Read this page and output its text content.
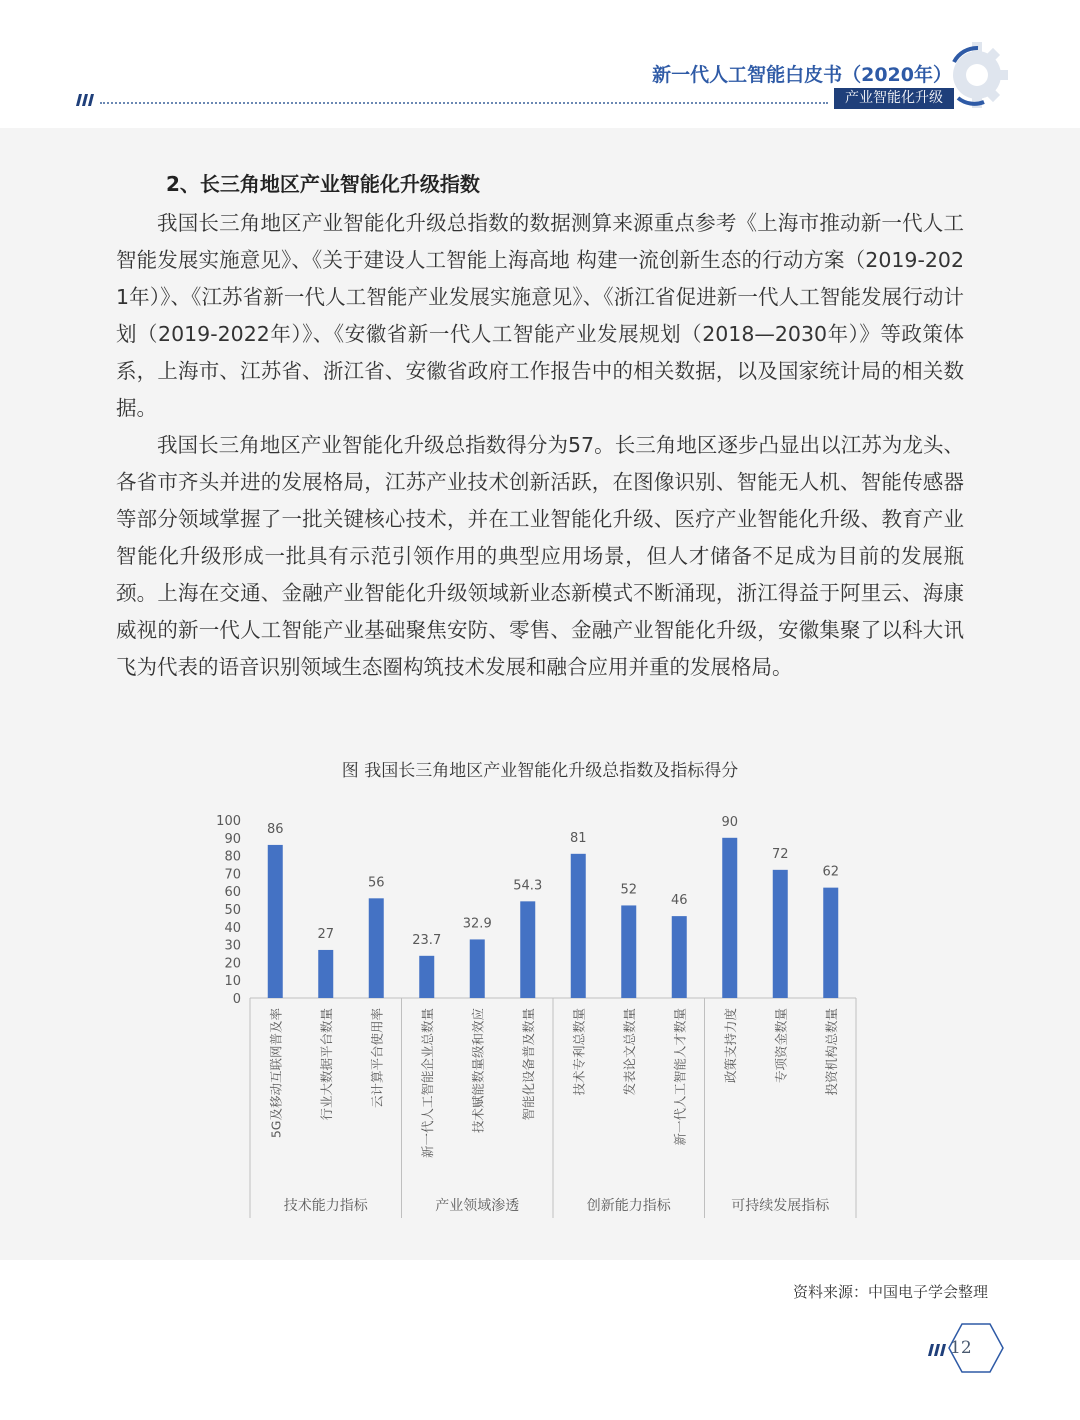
新一代人工智能白皮书（2020年）
产业智能化升级
2、长三角地区产业智能化升级指数

我国长三角地区产业智能化升级总指数的数据测算来源重点参考《上海市推动新一代人工智能发展实施意见》、《关于建设人工智能上海高地 构建一流创新生态的行动方案（2019-2021年）》、《江苏省新一代人工智能产业发展实施意见》、《浙江省促进新一代人工智能发展行动计划（2019-2022年）》、《安徽省新一代人工智能产业发展规划（2018—2030年）》等政策体系，上海市、江苏省、浙江省、安徽省政府工作报告中的相关数据，以及国家统计局的相关数据。

我国长三角地区产业智能化升级总指数得分为57。长三角地区逐步凸显出以江苏为龙头、各省市齐头并进的发展格局，江苏产业技术创新活跃，在图像识别、智能无人机、智能传感器等部分领域掌握了一批关键核心技术，并在工业智能化升级、医疗产业智能化升级、教育产业智能化升级形成一批具有示范引领作用的典型应用场景，但人才储备不足成为目前的发展瓶颈。上海在交通、金融产业智能化升级领域新业态新模式不断涌现，浙江得益于阿里云、海康威视的新一代人工智能产业基础聚焦安防、零售、金融产业智能化升级，安徽集聚了以科大讯飞为代表的语音识别领域生态圈构筑技术发展和融合应用并重的发展格局。

图 我国长三角地区产业智能化升级总指数及指标得分
0
10
20
30
40
50
60
70
80
90
100
86
5G及移动互联网普及率
27
行业大数据平台数量
56
云计算平台使用率
23.7
新一代人工智能企业总数量
32.9
技术赋能数量级和效应
54.3
智能化设备普及数量
81
技术专利总数量
52
发表论文总数量
46
新一代人工智能人才数量
90
政策支持力度
72
专项资金数量
62
投资机构总数量
技术能力指标	产业领域渗透	创新能力指标	可持续发展指标
资料来源：中国电子学会整理
12
